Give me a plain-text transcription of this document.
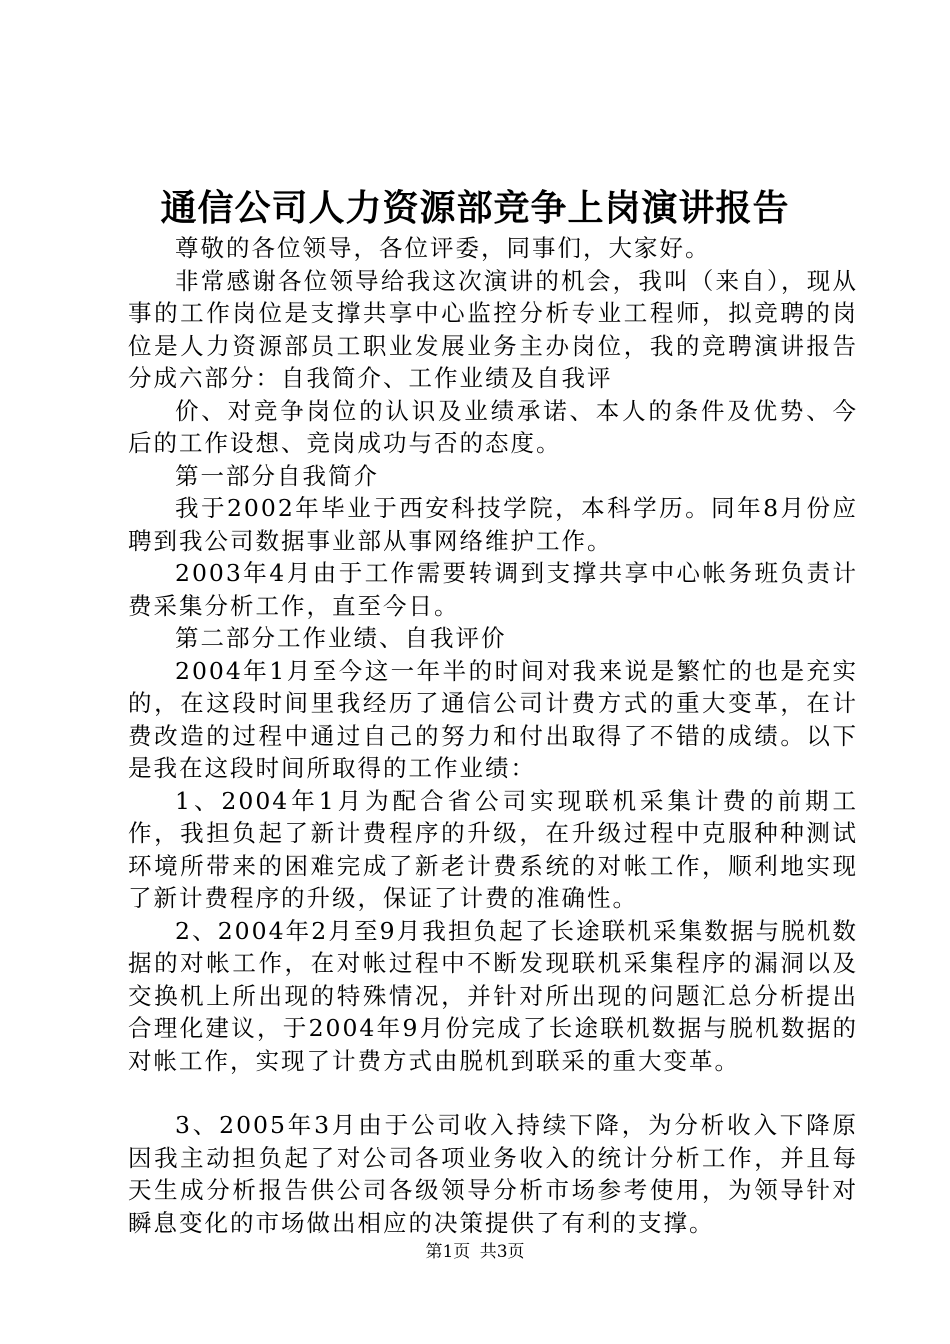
通信公司人力资源部竞争上岗演讲报告

尊敬的各位领导，各位评委，同事们，大家好。

非常感谢各位领导给我这次演讲的机会，我叫（来自），现从事的工作岗位是支撑共享中心监控分析专业工程师，拟竞聘的岗位是人力资源部员工职业发展业务主办岗位，我的竞聘演讲报告分成六部分：自我简介、工作业绩及自我评

价、对竞争岗位的认识及业绩承诺、本人的条件及优势、今后的工作设想、竞岗成功与否的态度。

第一部分自我简介

我于2002年毕业于西安科技学院，本科学历。同年8月份应聘到我公司数据事业部从事网络维护工作。

2003年4月由于工作需要转调到支撑共享中心帐务班负责计费采集分析工作，直至今日。

第二部分工作业绩、自我评价

2004年1月至今这一年半的时间对我来说是繁忙的也是充实的，在这段时间里我经历了通信公司计费方式的重大变革，在计费改造的过程中通过自己的努力和付出取得了不错的成绩。以下是我在这段时间所取得的工作业绩：

1、2004年1月为配合省公司实现联机采集计费的前期工作，我担负起了新计费程序的升级，在升级过程中克服种种测试环境所带来的困难完成了新老计费系统的对帐工作，顺利地实现了新计费程序的升级，保证了计费的准确性。

2、2004年2月至9月我担负起了长途联机采集数据与脱机数据的对帐工作，在对帐过程中不断发现联机采集程序的漏洞以及交换机上所出现的特殊情况，并针对所出现的问题汇总分析提出合理化建议，于2004年9月份完成了长途联机数据与脱机数据的对帐工作，实现了计费方式由脱机到联采的重大变革。

3、2005年3月由于公司收入持续下降，为分析收入下降原因我主动担负起了对公司各项业务收入的统计分析工作，并且每天生成分析报告供公司各级领导分析市场参考使用，为领导针对瞬息变化的市场做出相应的决策提供了有利的支撑。

第1页 共3页
